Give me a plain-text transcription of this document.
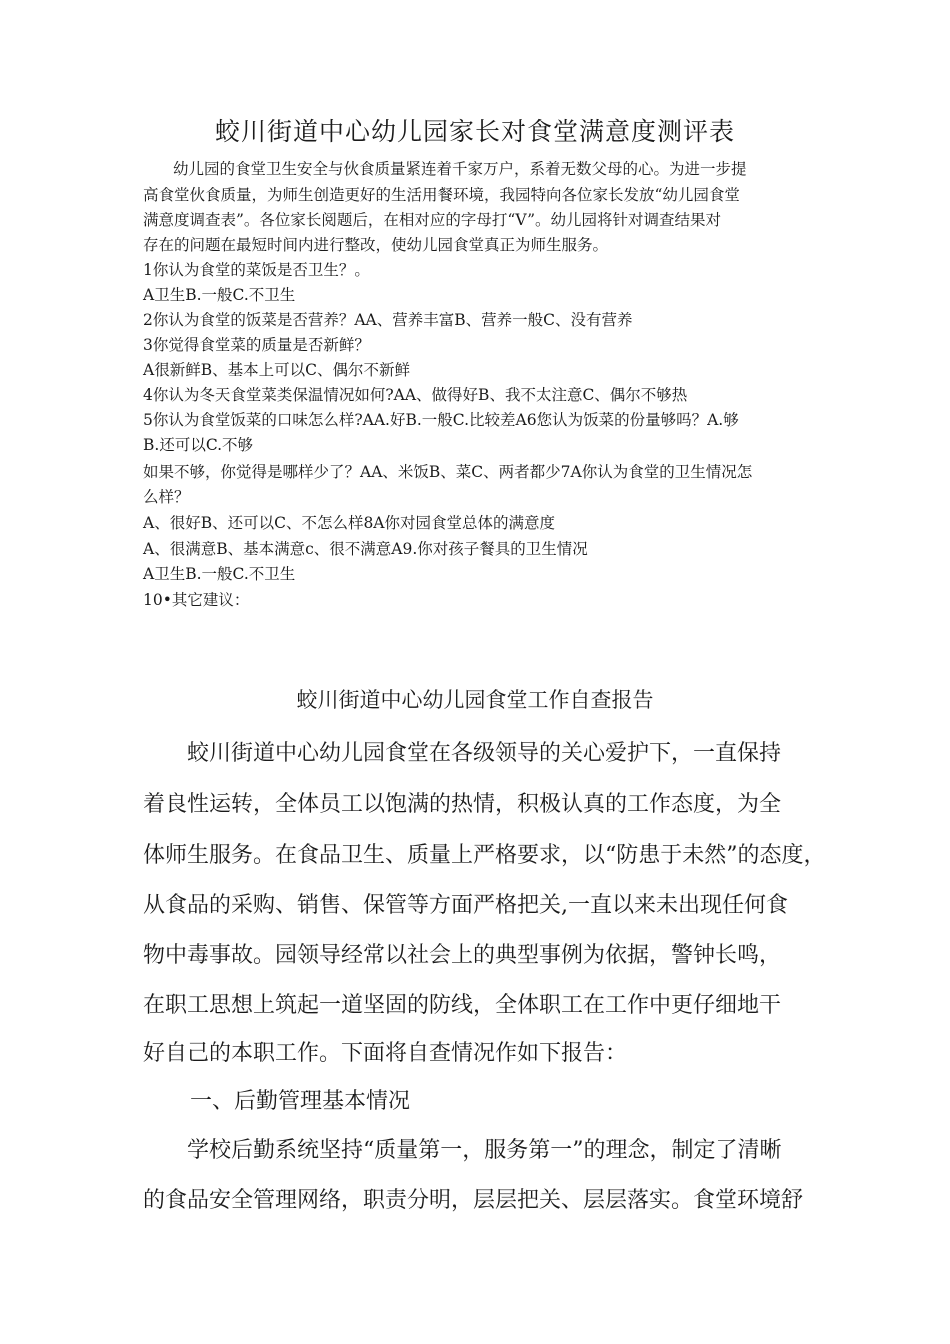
蛟川街道中心幼儿园家长对食堂满意度测评表
幼儿园的食堂卫生安全与伙食质量紧连着千家万户，系着无数父母的心。为进一步提
高食堂伙食质量，为师生创造更好的生活用餐环境，我园特向各位家长发放“幼儿园食堂
满意度调查表”。各位家长阅题后，在相对应的字母打“V”。幼儿园将针对调查结果对
存在的问题在最短时间内进行整改，使幼儿园食堂真正为师生服务。
1你认为食堂的菜饭是否卫生？。
A卫生B.一般C.不卫生
2你认为食堂的饭菜是否营养？AA、营养丰富B、营养一般C、没有营养
3你觉得食堂菜的质量是否新鲜？
A很新鲜B、基本上可以C、偶尔不新鲜
4你认为冬天食堂菜类保温情况如何?AA、做得好B、我不太注意C、偶尔不够热
5你认为食堂饭菜的口味怎么样?AA.好B.一般C.比较差A6您认为饭菜的份量够吗？A.够
B.还可以C.不够
如果不够，你觉得是哪样少了？AA、米饭B、菜C、两者都少7A你认为食堂的卫生情况怎
么样？
A、很好B、还可以C、不怎么样8A你对园食堂总体的满意度
A、很满意B、基本满意c、很不满意A9.你对孩子餐具的卫生情况
A卫生B.一般C.不卫生
10•其它建议：
蛟川街道中心幼儿园食堂工作自查报告
蛟川街道中心幼儿园食堂在各级领导的关心爱护下，一直保持
着良性运转，全体员工以饱满的热情，积极认真的工作态度，为全
体师生服务。在食品卫生、质量上严格要求，以“防患于未然”的态度，
从食品的采购、销售、保管等方面严格把关,一直以来未出现任何食
物中毒事故。园领导经常以社会上的典型事例为依据，警钟长鸣，
在职工思想上筑起一道坚固的防线，全体职工在工作中更仔细地干
好自己的本职工作。下面将自查情况作如下报告：
一、后勤管理基本情况
学校后勤系统坚持“质量第一，服务第一”的理念，制定了清晰
的食品安全管理网络，职责分明，层层把关、层层落实。食堂环境舒
